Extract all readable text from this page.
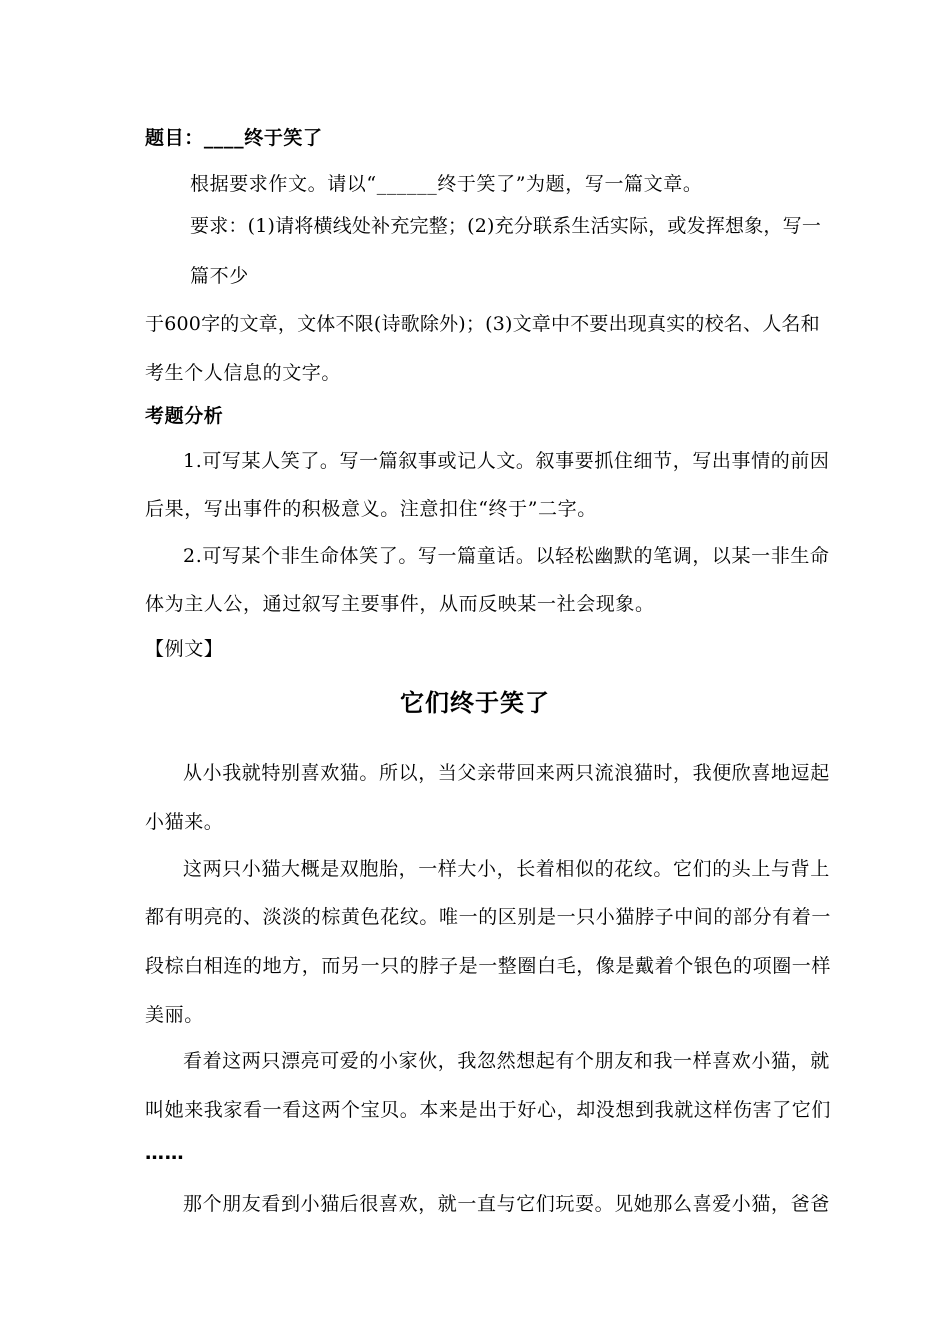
题目：____终于笑了
根据要求作文。请以“______终于笑了”为题，写一篇文章。
要求：(1)请将横线处补充完整；(2)充分联系生活实际，或发挥想象，写一
篇不少
于600字的文章，文体不限(诗歌除外)；(3)文章中不要出现真实的校名、人名和
考生个人信息的文字。
考题分析
1.可写某人笑了。写一篇叙事或记人文。叙事要抓住细节，写出事情的前因
后果，写出事件的积极意义。注意扣住“终于”二字。
2.可写某个非生命体笑了。写一篇童话。以轻松幽默的笔调，以某一非生命
体为主人公，通过叙写主要事件，从而反映某一社会现象。
【例文】
它们终于笑了
从小我就特别喜欢猫。所以，当父亲带回来两只流浪猫时，我便欣喜地逗起
小猫来。
这两只小猫大概是双胞胎，一样大小，长着相似的花纹。它们的头上与背上
都有明亮的、淡淡的棕黄色花纹。唯一的区别是一只小猫脖子中间的部分有着一
段棕白相连的地方，而另一只的脖子是一整圈白毛，像是戴着个银色的项圈一样
美丽。
看着这两只漂亮可爱的小家伙，我忽然想起有个朋友和我一样喜欢小猫，就
叫她来我家看一看这两个宝贝。本来是出于好心，却没想到我就这样伤害了它们
……
那个朋友看到小猫后很喜欢，就一直与它们玩耍。见她那么喜爱小猫，爸爸
